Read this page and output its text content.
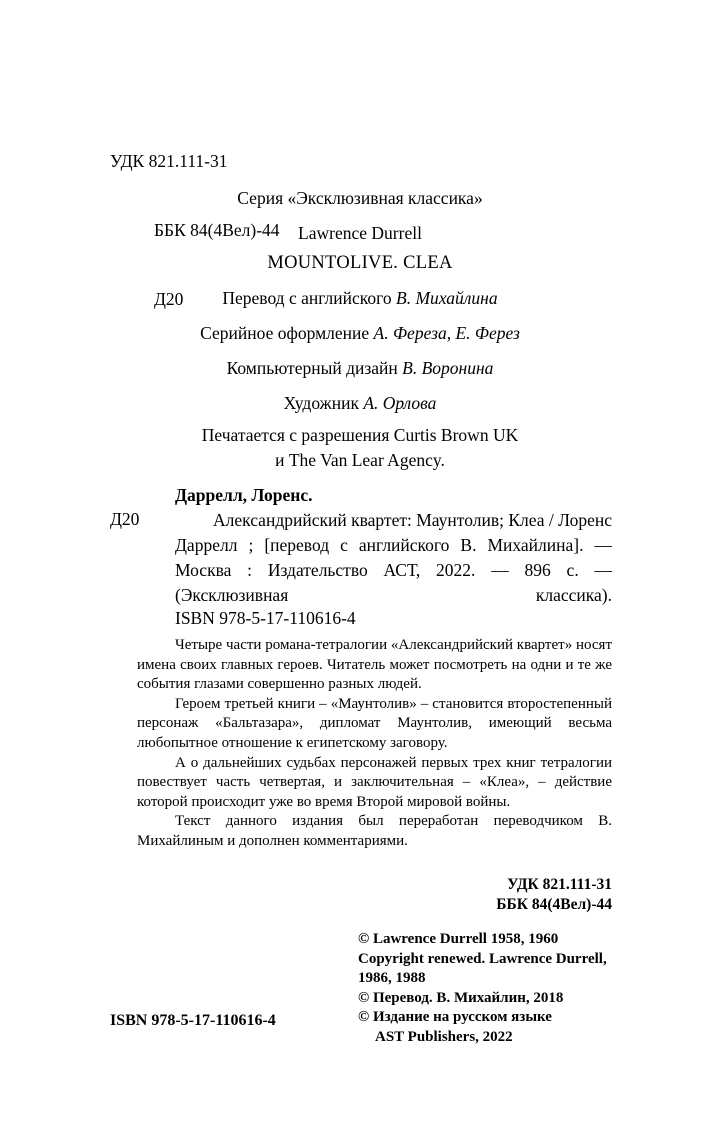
УДК 821.111-31

ББК 84(4Вел)-44

Д20

Серия «Эксклюзивная классика»
Lawrence Durrell
MOUNTOLIVE. CLEA
Перевод с английского В. Михайлина
Серийное оформление А. Фереза, Е. Ферез
Компьютерный дизайн В. Воронина
Художник А. Орлова
Печатается с разрешения Curtis Brown UK
и The Van Lear Agency.
Д20
Даррелл, Лоренс.
Александрийский квартет: Маунтолив; Клеа / Лоренс Даррелл ; [перевод с английского В. Михайлина]. — Москва : Издательство АСТ, 2022. — 896 с. — (Эксклюзивная классика).
ISBN 978-5-17-110616-4

Четыре части романа-тетралогии «Александрийский квартет» носят имена своих главных героев. Читатель может посмотреть на одни и те же события глазами совершенно разных людей.

Героем третьей книги – «Маунтолив» – становится второстепенный персонаж «Бальтазара», дипломат Маунтолив, имеющий весьма любопытное отношение к египетскому заговору.

А о дальнейших судьбах персонажей первых трех книг тетралогии повествует часть четвертая, и заключительная – «Клеа», – действие которой происходит уже во время Второй мировой войны.

Текст данного издания был переработан переводчиком В. Михайлиным и дополнен комментариями.

УДК 821.111-31
ББК 84(4Вел)-44
© Lawrence Durrell 1958, 1960
Copyright renewed. Lawrence Durrell,
1986, 1988
© Перевод. В. Михайлин, 2018
© Издание на русском языке
AST Publishers, 2022
ISBN 978-5-17-110616-4
